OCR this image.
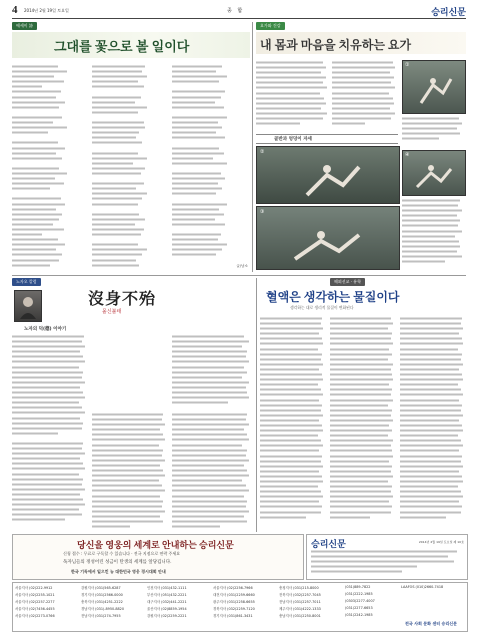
4 2014년 2월 19일 토요일	종 합	승리신문
에세이 詩
그대를 꽃으로 볼 일이다
글/남소
요가와 건강
내 몸과 마음을 치유하는 요가
①
골반과 엉덩이 자세
②
③
④
노자오 칼럼
沒身不殆
몰신불태
노자의 덕(德) 이야기
해외선교 · 유학
혈액은 생각하는 물질이다
생각하는 대로 생리적 물질이 변화된다
당신을 영웅의 세계로 안내하는 승리신문
신청 접수 : 무료로 구독할 수 있습니다 · 전국 지점으로 연락 주세요
독자님들의 정성어린 성금이 탄생의 세계를 앞당깁니다.
한국 기독에서 일으킨 뉴 대한민국 영웅 경시대회 안내
승리신문	2014년 2월 19일 토요일 제 10호
서울지사 (02)222-9912	강원지사 (031)565-6287	인천지사 (031)432-1111	서울지사 (02)2256-7966	충청지사 (031)215-8000	(031)889-7822	LAAFOS (010)2660-7418
서울지사 (02)2255-1021	경기지사 (031)2566-0000	부산지사 (051)432-2221	대전지사 (031)2259-6660	전북지사 (032)2257-7045	(031)2222-1985
서울지사 (02)2257-2277	충북지사 (031)4251-2222	대구지사 (032)441-2221	광주지사 (031)2258-6655	전남지사 (031)2257-7011	(0303)2277-4007
서울지사 (02)7456-4455	경남지사 (031)-8950-8820	울산지사 (02)8859-1954	경북지사 (032)2259-7120	제주지사 (031)4222-1333	(031)2277-6653
서울지사 (02)2273-0766	전남지사 (031)274-7955	강원지사 (02)2259-2221	경기지사 (031)861-3431	충남지사 (031)2250-8001	(031)2242-1985
전국 사회 문화 센터 승리신문
